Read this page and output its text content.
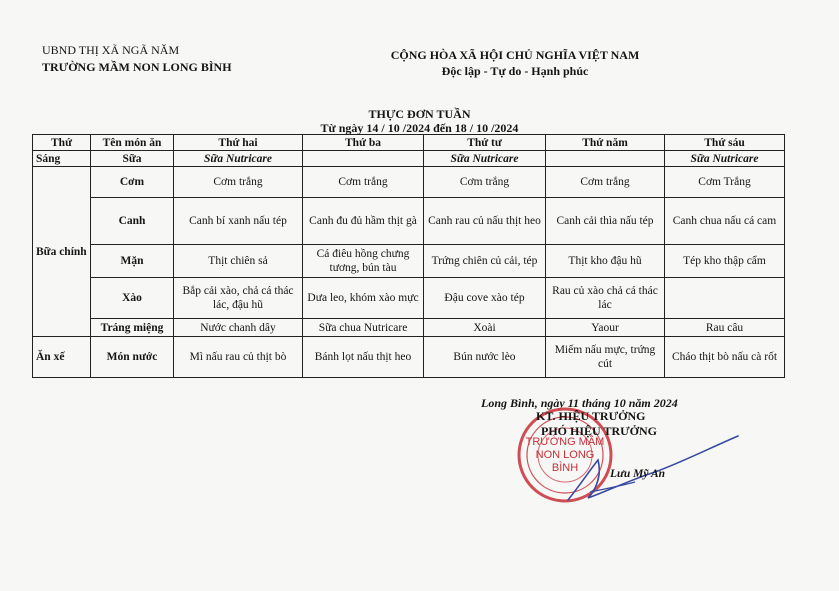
UBND THỊ XÃ NGÃ NĂM
TRƯỜNG MẦM NON LONG BÌNH
CỘNG HÒA XÃ HỘI CHỦ NGHĨA VIỆT NAM
Độc lập - Tự do - Hạnh phúc
THỰC ĐƠN TUẦN
Từ ngày 14 / 10 /2024 đến 18 / 10 /2024
Thứ	Tên món ăn	Thứ hai	Thứ ba	Thứ tư	Thứ năm	Thứ sáu
Sáng	Sữa	Sữa Nutricare		Sữa Nutricare		Sữa Nutricare
Bữa chính	Cơm	Cơm trắng	Cơm trắng	Cơm trắng	Cơm trắng	Cơm Trắng
	Canh	Canh bí xanh nấu tép	Canh đu đủ hầm thịt gà	Canh rau củ nấu thịt heo	Canh cải thìa nấu tép	Canh chua nấu cá cam
	Mặn	Thịt chiên sả	Cá điêu hồng chưng tương, bún tàu	Trứng chiên củ cải, tép	Thịt kho đậu hũ	Tép kho thập cẩm
	Xào	Bắp cải xào, chả cá thác lác, đậu hũ	Dưa leo, khóm xào mực	Đậu cove xào tép	Rau củ xào chả cá thác lác	
	Tráng miệng	Nước chanh dây	Sữa chua Nutricare	Xoài	Yaour	Rau câu
Ăn xế	Món nước	Mì nấu rau củ thịt bò	Bánh lọt nấu thịt heo	Bún nước lèo	Miếm nấu mực, trứng cút	Cháo thịt bò nấu cà rốt
Long Bình, ngày 11 tháng 10 năm 2024
TRƯỜNG MẦM NON LONG BÌNH
KT. HIỆU TRƯỞNG
PHÓ HIỆU TRƯỞNG
Lưu Mỹ An
